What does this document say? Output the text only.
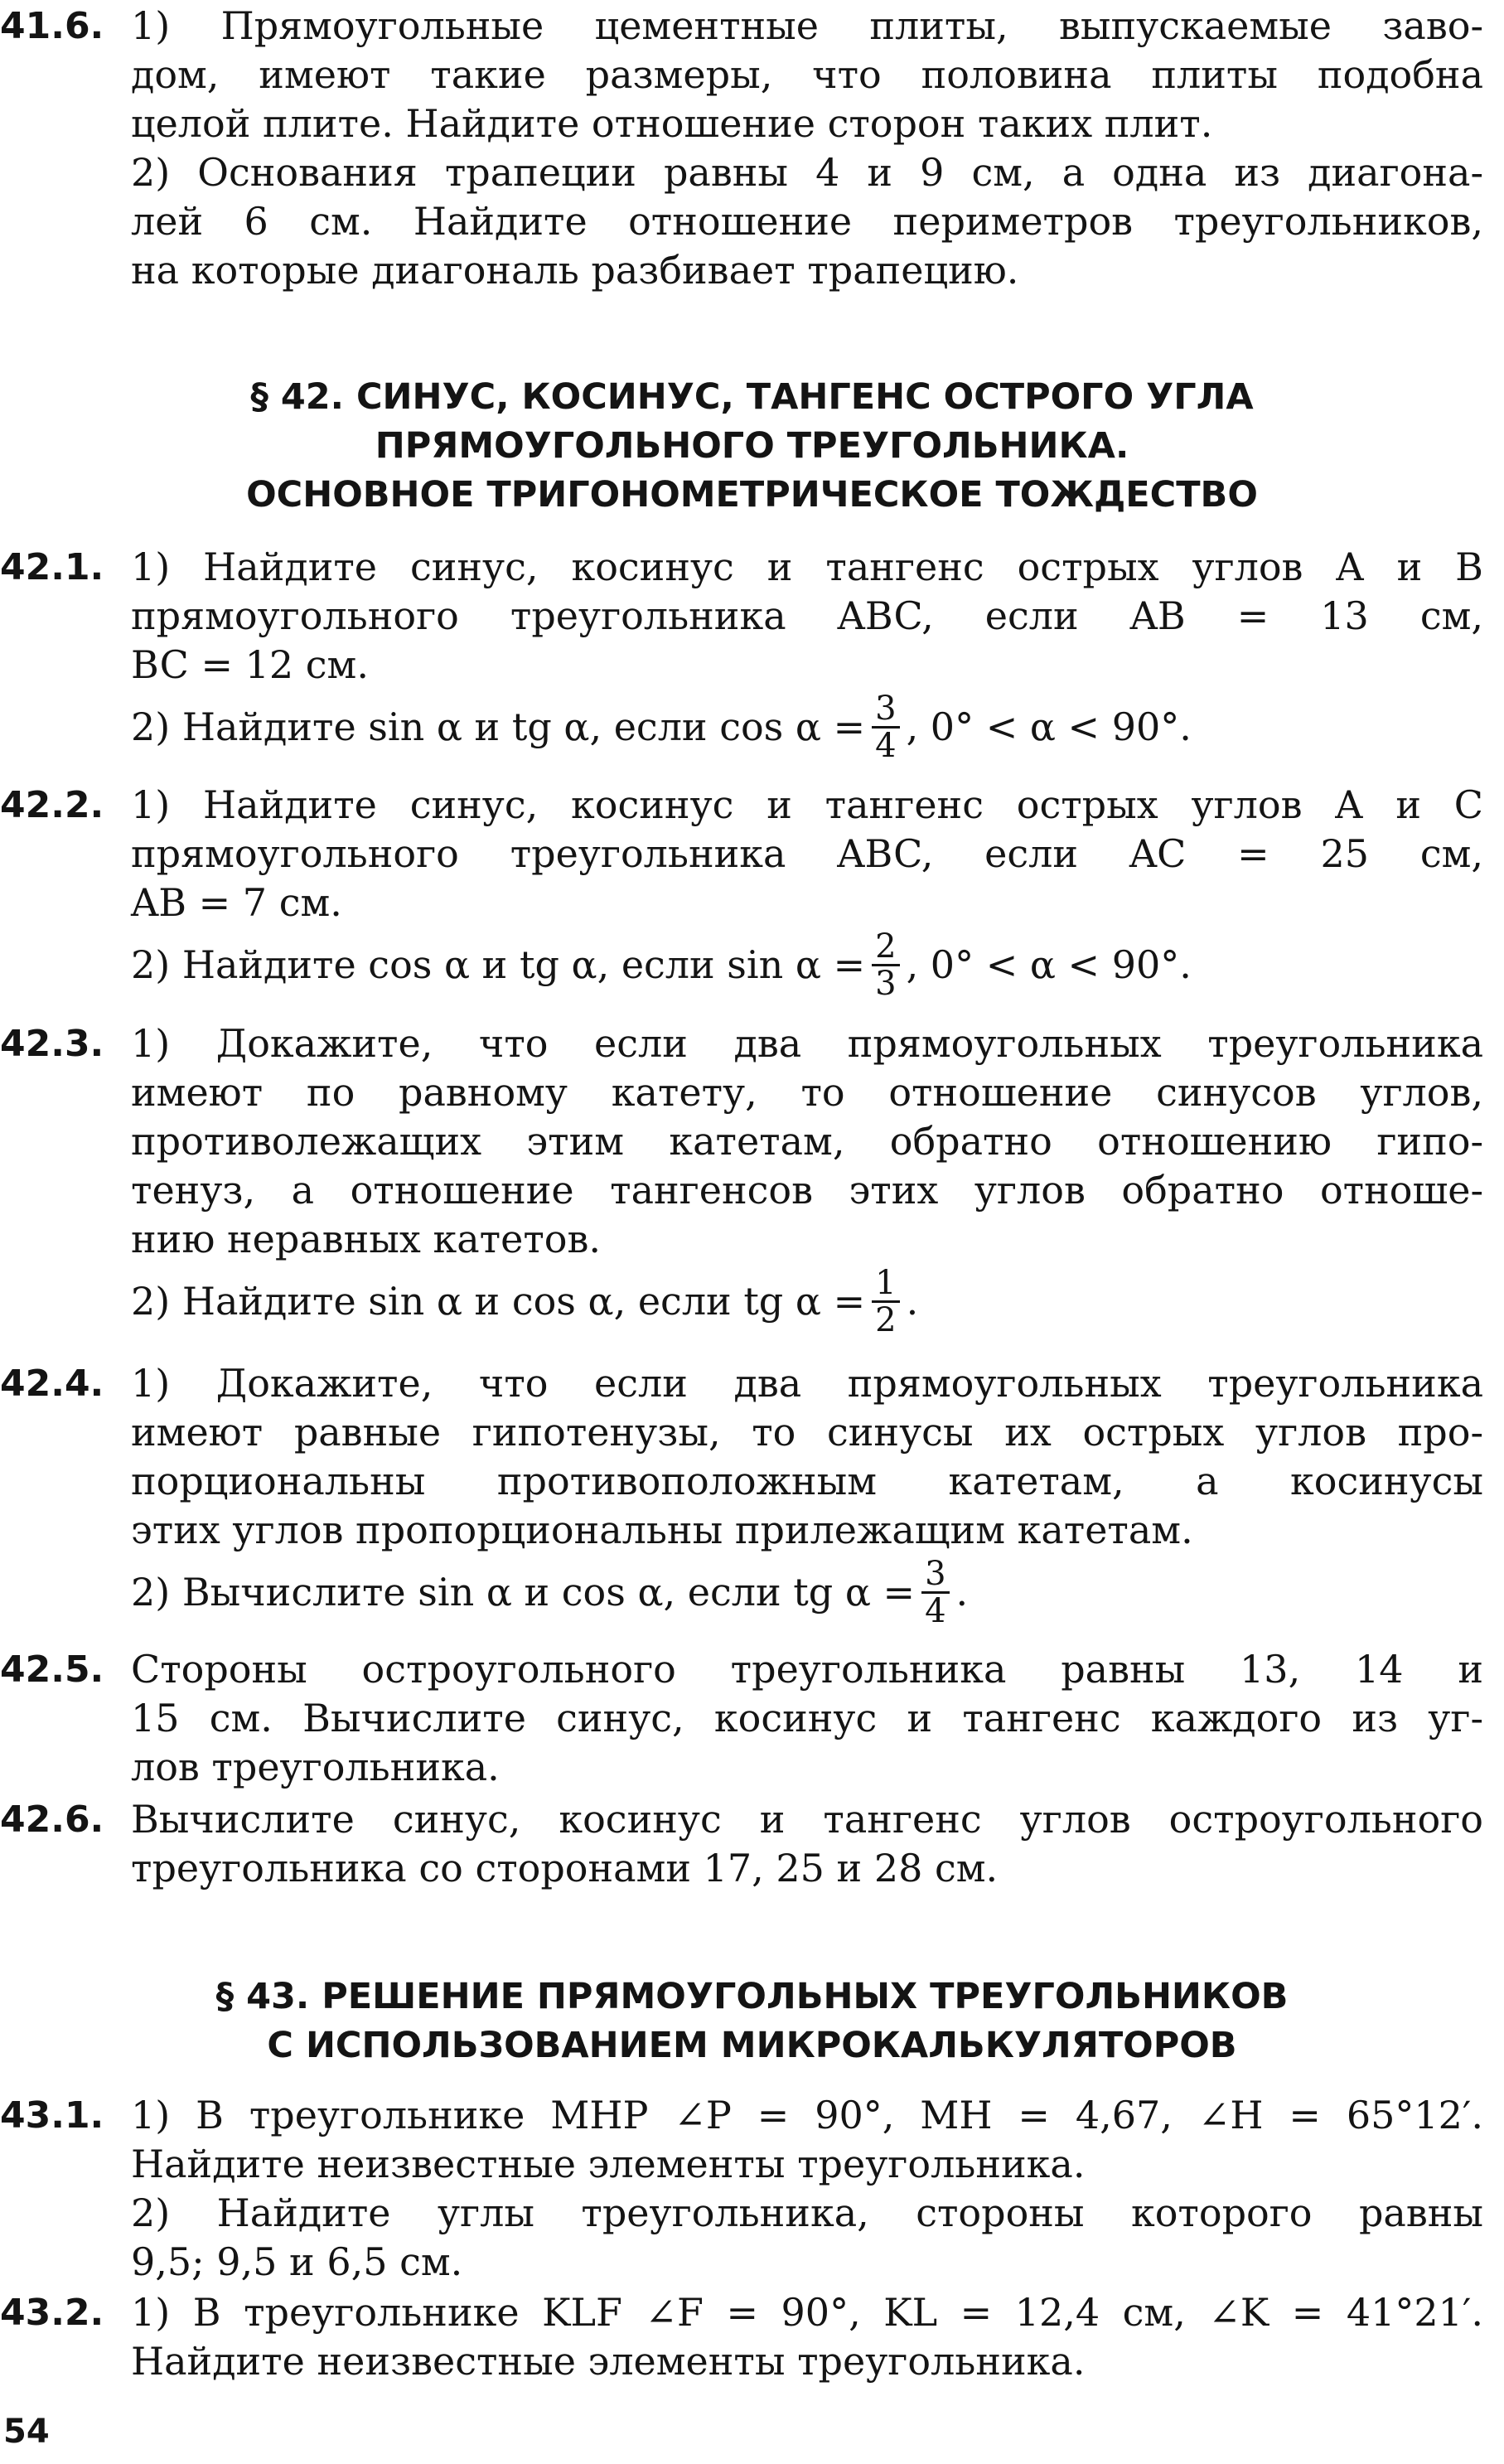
41.6. 1) Прямоугольные цементные плиты, выпускаемые заво-
дом, имеют такие размеры, что половина плиты подобна
целой плите. Найдите отношение сторон таких плит.
2) Основания трапеции равны 4 и 9 см, а одна из диагона-
лей 6 см. Найдите отношение периметров треугольников,
на которые диагональ разбивает трапецию.
§ 42. СИНУС, КОСИНУС, ТАНГЕНС ОСТРОГО УГЛА
ПРЯМОУГОЛЬНОГО ТРЕУГОЛЬНИКА.
ОСНОВНОЕ ТРИГОНОМЕТРИЧЕСКОЕ ТОЖДЕСТВО
42.1. 1) Найдите синус, косинус и тангенс острых углов A и B
прямоугольного треугольника ABC, если AB = 13 см,
BC = 12 см.
2) Найдите sin α и tg α, если $\cos \alpha = \frac{3}{4}$ , 0° < α < 90°.
42.2. 1) Найдите синус, косинус и тангенс острых углов A и C
прямоугольного треугольника ABC, если AC = 25 см,
AB = 7 см.
2) Найдите cos α и tg α, если $\sin \alpha = \frac{2}{3}$ , 0° < α < 90°.
42.3. 1) Докажите, что если два прямоугольных треугольника
имеют по равному катету, то отношение синусов углов,
противолежащих этим катетам, обратно отношению гипо-
тенуз, а отношение тангенсов этих углов обратно отноше-
нию неравных катетов.
2) Найдите sin α и cos α, если tg $\alpha = \frac{1}{2}$ .
42.4. 1) Докажите, что если два прямоугольных треугольника
имеют равные гипотенузы, то синусы их острых углов про-
порциональны противоположным катетам, а косинусы
этих углов пропорциональны прилежащим катетам.
2) Вычислите sin α и cos α, если tg $\alpha = \frac{3}{4}$ .
42.5. Стороны остроугольного треугольника равны 13, 14 и
15 см. Вычислите синус, косинус и тангенс каждого из уг-
лов треугольника.
42.6. Вычислите синус, косинус и тангенс углов остроугольного
треугольника со сторонами 17, 25 и 28 см.
§ 43. РЕШЕНИЕ ПРЯМОУГОЛЬНЫХ ТРЕУГОЛЬНИКОВ
С ИСПОЛЬЗОВАНИЕМ МИКРОКАЛЬКУЛЯТОРОВ
43.1. 1) В треугольнике MHP ∠P = 90°, MH = 4,67, ∠H = 65°12′.
Найдите неизвестные элементы треугольника.
2) Найдите углы треугольника, стороны которого равны
9,5; 9,5 и 6,5 см.
43.2. 1) В треугольнике KLF ∠F = 90°, KL = 12,4 см, ∠K = 41°21′.
Найдите неизвестные элементы треугольника.
54
